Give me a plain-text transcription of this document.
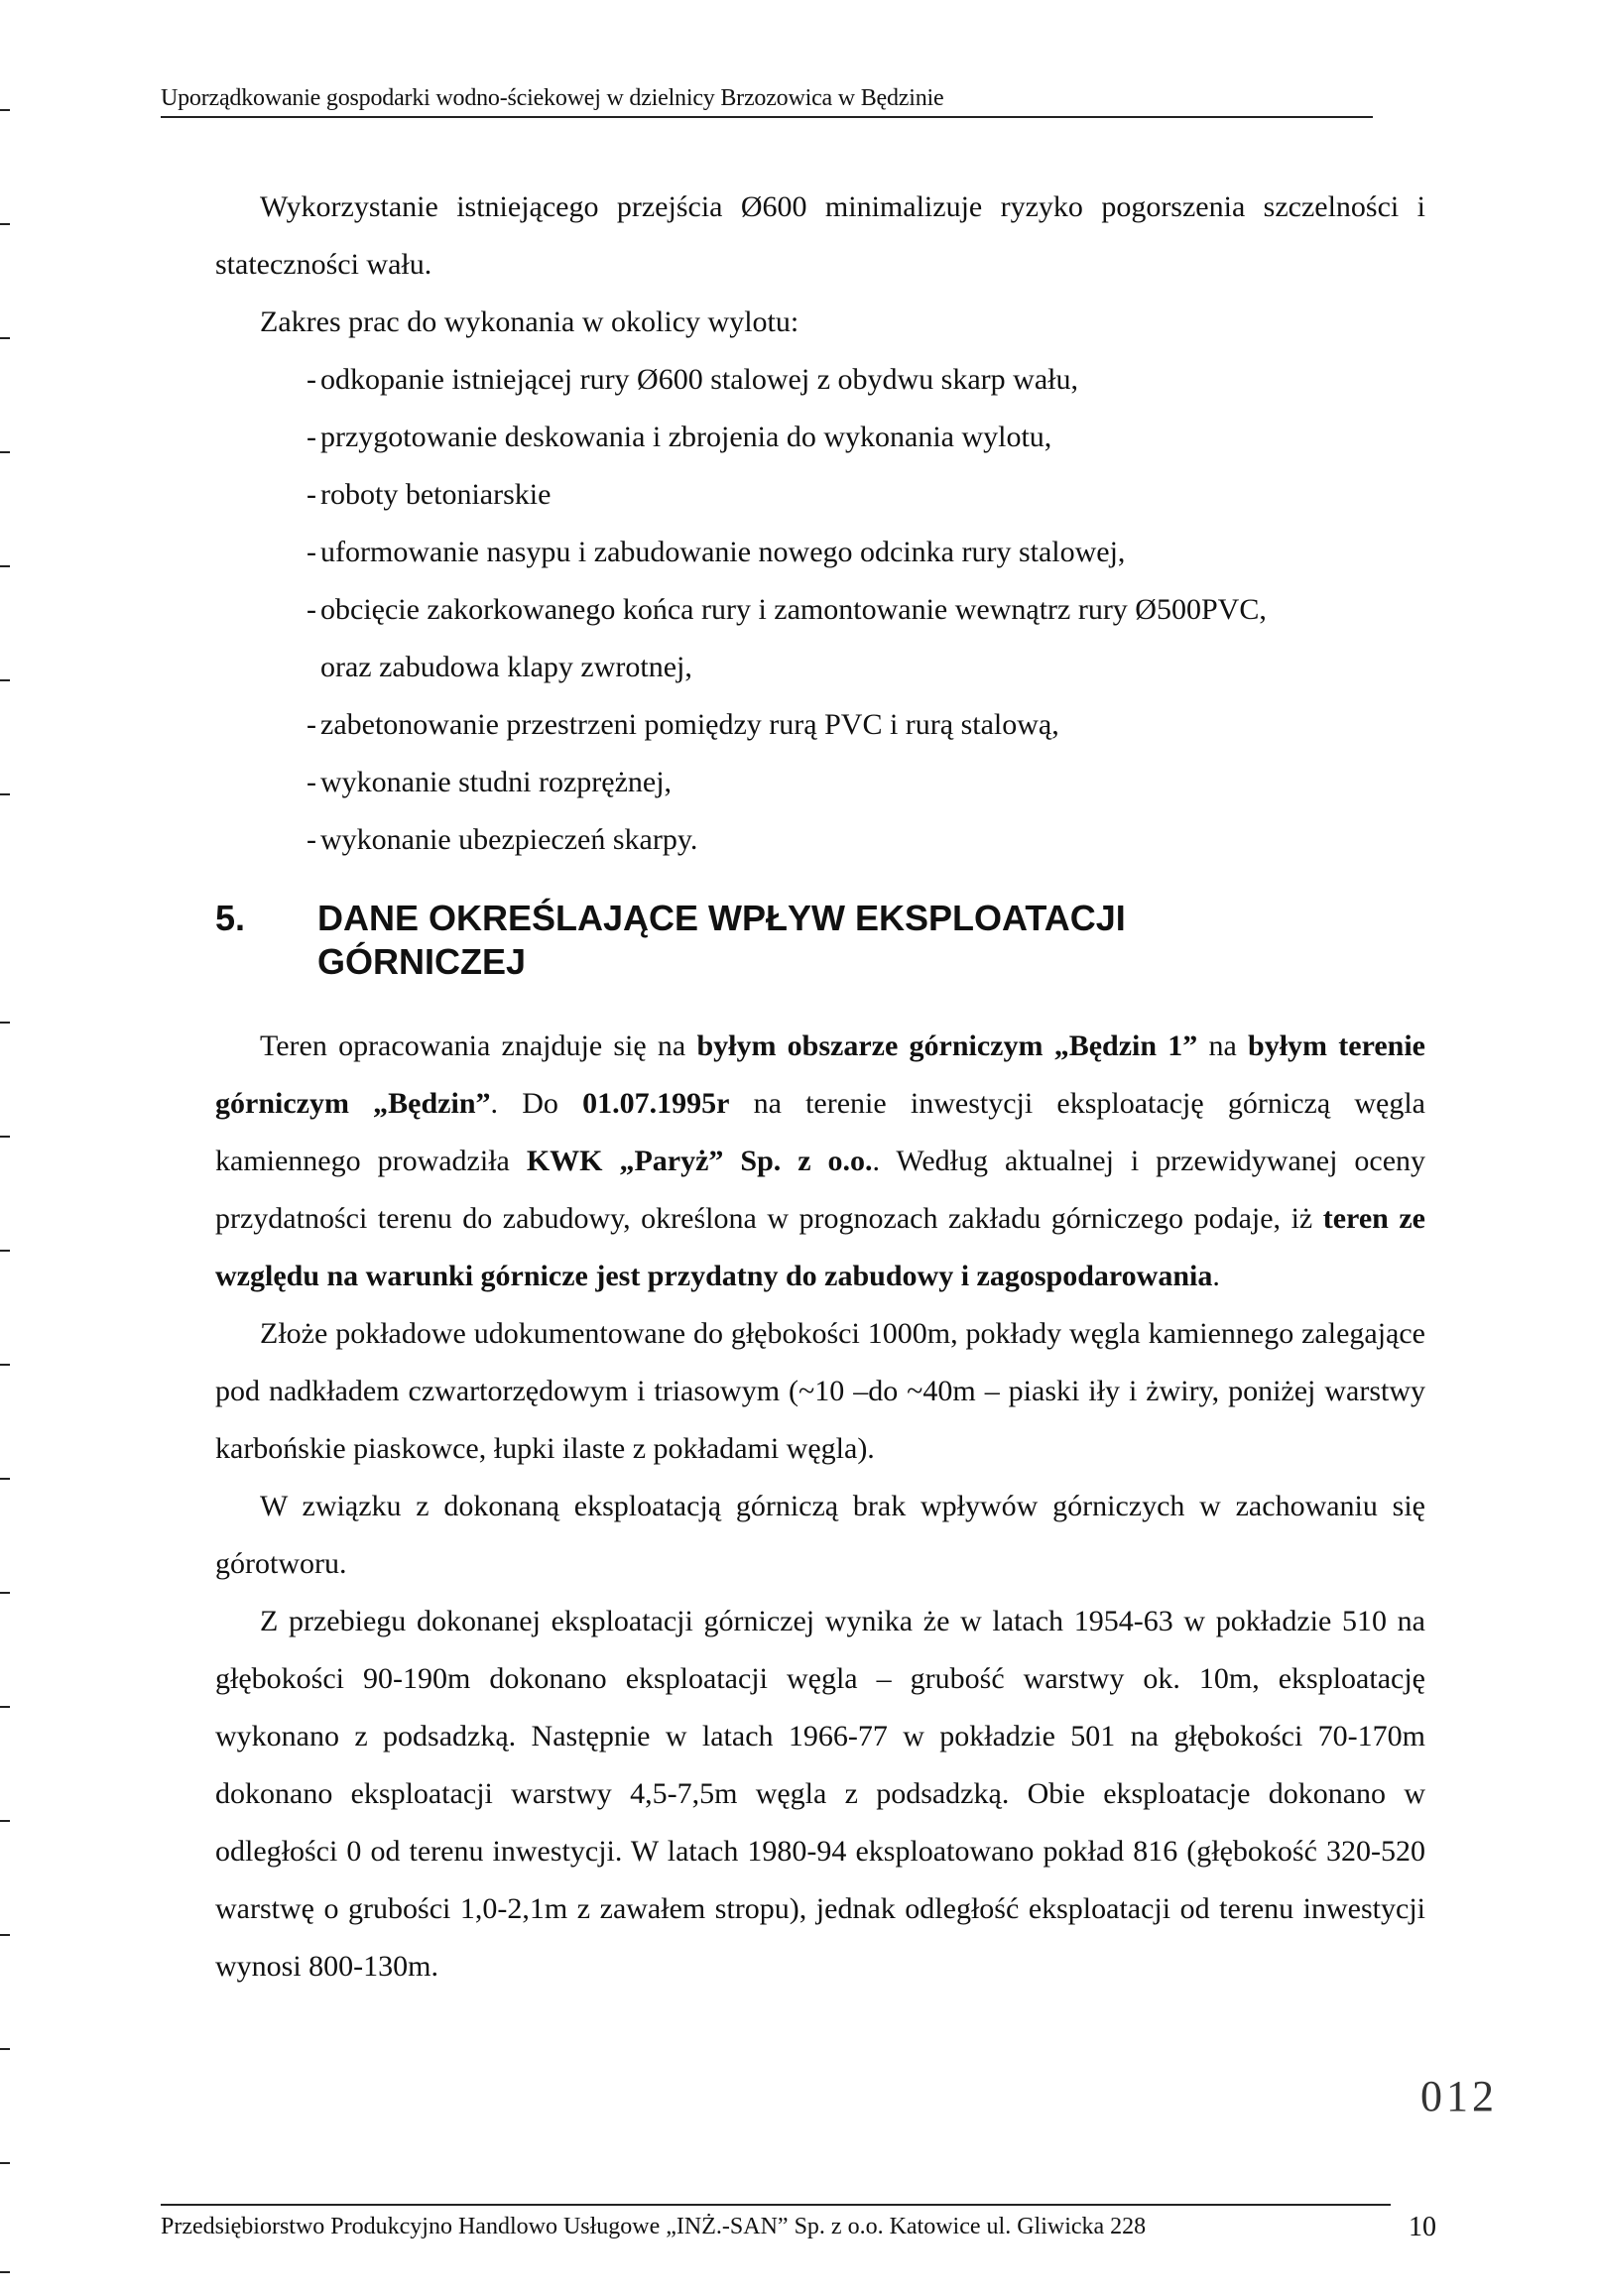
Uporządkowanie gospodarki wodno-ściekowej w dzielnicy Brzozowica w Będzinie

Wykorzystanie istniejącego przejścia Ø600 minimalizuje ryzyko pogorszenia szczelności i stateczności wału.

Zakres prac do wykonania w okolicy wylotu:

- odkopanie istniejącej rury Ø600 stalowej z obydwu skarp wału,
- przygotowanie deskowania i zbrojenia do wykonania wylotu,
- roboty betoniarskie
- uformowanie nasypu i zabudowanie nowego odcinka rury stalowej,
- obcięcie zakorkowanego końca rury i zamontowanie wewnątrz rury Ø500PVC,
oraz zabudowa klapy zwrotnej,
- zabetonowanie przestrzeni pomiędzy rurą PVC i rurą stalową,
- wykonanie studni rozprężnej,
- wykonanie ubezpieczeń skarpy.
5. DANE OKREŚLAJĄCE WPŁYW EKSPLOATACJI
GÓRNICZEJ

Teren opracowania znajduje się na byłym obszarze górniczym „Będzin 1” na byłym terenie górniczym „Będzin”. Do 01.07.1995r na terenie inwestycji eksploatację górniczą węgla kamiennego prowadziła KWK „Paryż” Sp. z o.o.. Według aktualnej i przewidywanej oceny przydatności terenu do zabudowy, określona w prognozach zakładu górniczego podaje, iż teren ze względu na warunki górnicze jest przydatny do zabudowy i zagospodarowania.

Złoże pokładowe udokumentowane do głębokości 1000m, pokłady węgla kamiennego zalegające pod nadkładem czwartorzędowym i triasowym (~10 –do ~40m – piaski iły i żwiry, poniżej warstwy karbońskie piaskowce, łupki ilaste z pokładami węgla).

W związku z dokonaną eksploatacją górniczą brak wpływów górniczych w zachowaniu się górotworu.

Z przebiegu dokonanej eksploatacji górniczej wynika że w latach 1954-63 w pokładzie 510 na głębokości 90-190m dokonano eksploatacji węgla – grubość warstwy ok. 10m, eksploatację wykonano z podsadzką. Następnie w latach 1966-77 w pokładzie 501 na głębokości 70-170m dokonano eksploatacji warstwy 4,5-7,5m węgla z podsadzką. Obie eksploatacje dokonano w odległości 0 od terenu inwestycji. W latach 1980-94 eksploatowano pokład 816 (głębokość 320-520 warstwę o grubości 1,0-2,1m z zawałem stropu), jednak odległość eksploatacji od terenu inwestycji wynosi 800-130m.

012
Przedsiębiorstwo Produkcyjno Handlowo Usługowe „INŻ.-SAN” Sp. z o.o. Katowice ul. Gliwicka 228	10
